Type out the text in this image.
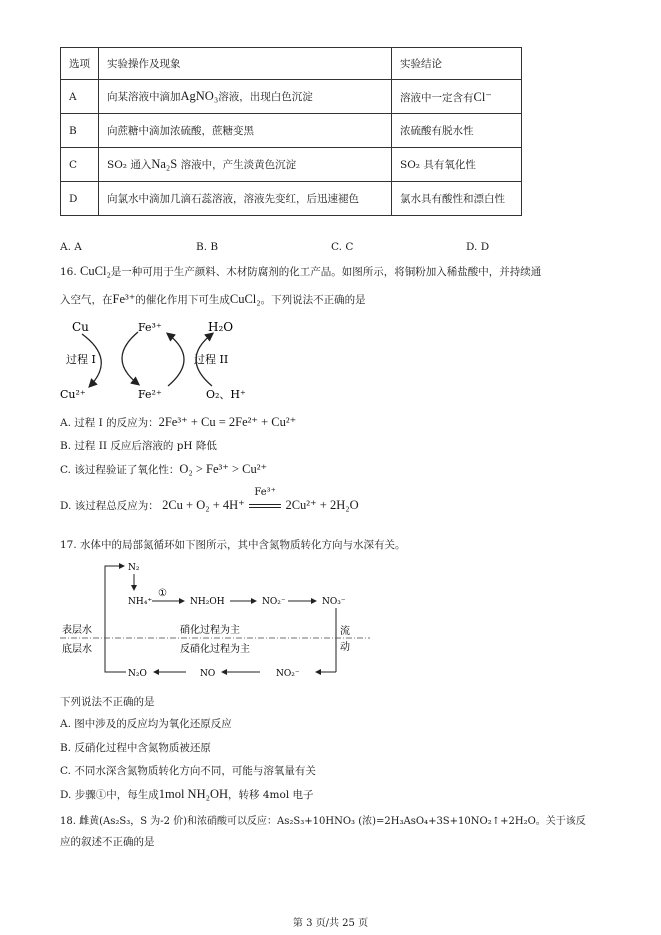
选项	实验操作及现象	实验结论
A	向某溶液中滴加AgNO₃溶液，出现白色沉淀	溶液中一定含有Cl⁻
B	向蔗糖中滴加浓硫酸，蔗糖变黑	浓硫酸有脱水性
C	SO₂ 通入Na₂S 溶液中，产生淡黄色沉淀	SO₂ 具有氧化性
D	向氯水中滴加几滴石蕊溶液，溶液先变红，后迅速褪色	氯水具有酸性和漂白性
A. A	B. B	C. C	D. D
16. CuCl₂是一种可用于生产颜料、木材防腐剂的化工产品。如图所示，将铜粉加入稀盐酸中，并持续通
入空气，在Fe³⁺的催化作用下可生成CuCl₂。下列说法不正确的是
Cu	Fe³⁺	H₂O
Cu²⁺	Fe²⁺	O₂、H⁺
过程 I	过程 II
A. 过程 I 的反应为：2Fe³⁺ + Cu = 2Fe²⁺ + Cu²⁺
B. 过程 II 反应后溶液的 pH 降低
C. 该过程验证了氧化性：O₂ > Fe³⁺ > Cu²⁺
D. 该过程总反应为： 2Cu + O₂ + 4H⁺
Fe³⁺
2Cu²⁺ + 2H₂O
17. 水体中的局部氮循环如下图所示，其中含氮物质转化方向与水深有关。
N₂
NH₄⁺
①
NH₂OH	NO₂⁻	NO₃⁻
表层水
底层水
硝化过程为主
反硝化过程为主
流
动
N₂O	NO	NO₂⁻
下列说法不正确的是
A. 图中涉及的反应均为氧化还原反应
B. 反硝化过程中含氮物质被还原
C. 不同水深含氮物质转化方向不同，可能与溶氧量有关
D. 步骤①中，每生成1mol NH₂OH，转移 4mol 电子
18. 雌黄(As₂S₃，S 为-2 价)和浓硝酸可以反应：As₂S₃+10HNO₃ (浓)=2H₃AsO₄+3S+10NO₂↑+2H₂O。关于该反
应的叙述不正确的是
第 3 页/共 25 页
